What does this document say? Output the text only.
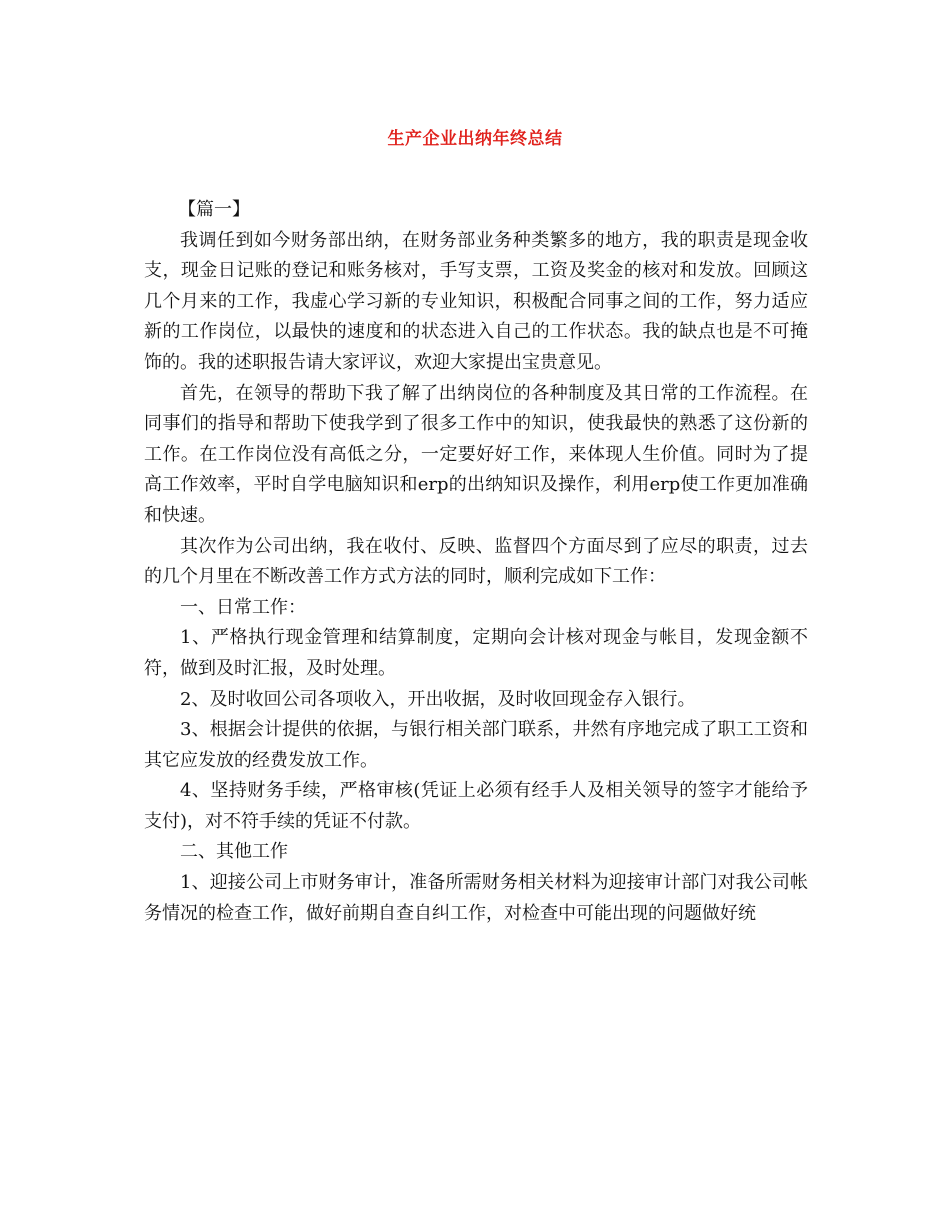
生产企业出纳年终总结

【篇一】

我调任到如今财务部出纳，在财务部业务种类繁多的地方，我的职责是现金收支，现金日记账的登记和账务核对，手写支票，工资及奖金的核对和发放。回顾这几个月来的工作，我虚心学习新的专业知识，积极配合同事之间的工作，努力适应新的工作岗位，以最快的速度和的状态进入自己的工作状态。我的缺点也是不可掩饰的。我的述职报告请大家评议，欢迎大家提出宝贵意见。

首先，在领导的帮助下我了解了出纳岗位的各种制度及其日常的工作流程。在同事们的指导和帮助下使我学到了很多工作中的知识，使我最快的熟悉了这份新的工作。在工作岗位没有高低之分，一定要好好工作，来体现人生价值。同时为了提高工作效率，平时自学电脑知识和erp的出纳知识及操作，利用erp使工作更加准确和快速。

其次作为公司出纳，我在收付、反映、监督四个方面尽到了应尽的职责，过去的几个月里在不断改善工作方式方法的同时，顺利完成如下工作：

一、日常工作：

1、严格执行现金管理和结算制度，定期向会计核对现金与帐目，发现金额不符，做到及时汇报，及时处理。

2、及时收回公司各项收入，开出收据，及时收回现金存入银行。

3、根据会计提供的依据，与银行相关部门联系，井然有序地完成了职工工资和其它应发放的经费发放工作。

4、坚持财务手续，严格审核(凭证上必须有经手人及相关领导的签字才能给予支付)，对不符手续的凭证不付款。

二、其他工作

1、迎接公司上市财务审计，准备所需财务相关材料为迎接审计部门对我公司帐务情况的检查工作，做好前期自查自纠工作，对检查中可能出现的问题做好统
